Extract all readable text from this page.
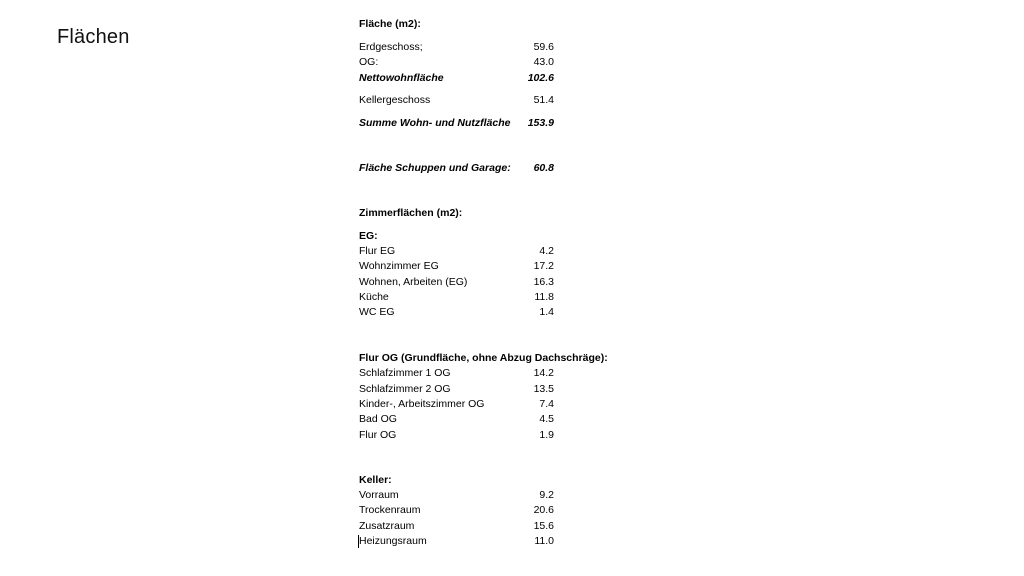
Flächen
Fläche (m2):
Erdgeschoss;	59.6
OG:	43.0
Nettowohnfläche	102.6
Kellergeschoss	51.4
Summe Wohn- und Nutzfläche 153.9
Fläche Schuppen und Garage: 60.8
Zimmerflächen (m2):
EG:
Flur EG	4.2
Wohnzimmer EG	17.2
Wohnen, Arbeiten (EG)	16.3
Küche	11.8
WC EG	1.4
Flur OG (Grundfläche, ohne Abzug Dachschräge):
Schlafzimmer 1 OG	14.2
Schlafzimmer 2 OG	13.5
Kinder-, Arbeitszimmer OG	7.4
Bad OG	4.5
Flur OG	1.9
Keller:
Vorraum	9.2
Trockenraum	20.6
Zusatzraum	15.6
Heizungsraum	11.0
